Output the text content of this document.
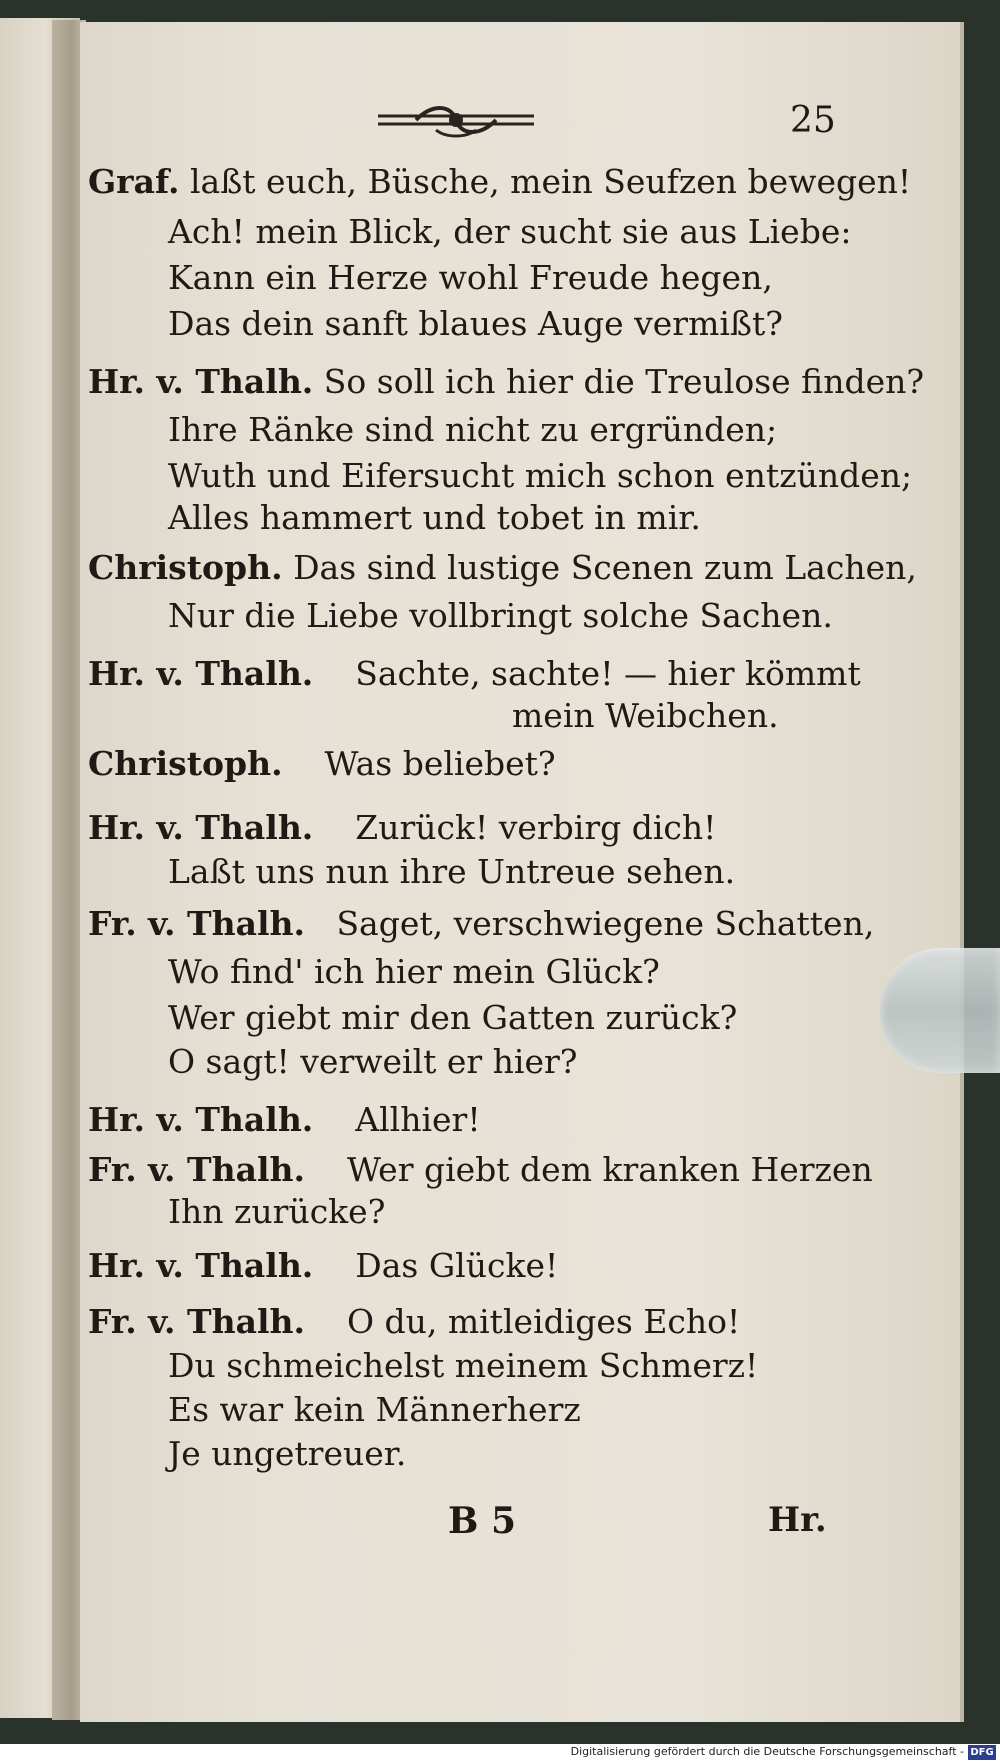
25
Graf. laßt euch, Büsche, mein Seufzen bewegen!
Ach! mein Blick, der sucht sie aus Liebe:
Kann ein Herze wohl Freude hegen,
Das dein sanft blaues Auge vermißt?
Hr. v. Thalh. So soll ich hier die Treulose finden?
Ihre Ränke sind nicht zu ergründen;
Wuth und Eifersucht mich schon entzünden;
Alles hammert und tobet in mir.
Christoph. Das sind lustige Scenen zum Lachen,
Nur die Liebe vollbringt solche Sachen.
Hr. v. Thalh. Sachte, sachte! — hier kömmt
mein Weibchen.
Christoph. Was beliebet?
Hr. v. Thalh. Zurück! verbirg dich!
Laßt uns nun ihre Untreue sehen.
Fr. v. Thalh. Saget, verschwiegene Schatten,
Wo find' ich hier mein Glück?
Wer giebt mir den Gatten zurück?
O sagt! verweilt er hier?
Hr. v. Thalh. Allhier!
Fr. v. Thalh. Wer giebt dem kranken Herzen
Ihn zurücke?
Hr. v. Thalh. Das Glücke!
Fr. v. Thalh. O du, mitleidiges Echo!
Du schmeichelst meinem Schmerz!
Es war kein Männerherz
Je ungetreuer.
B 5	Hr.
Digitalisierung gefördert durch die Deutsche Forschungsgemeinschaft - DFG
